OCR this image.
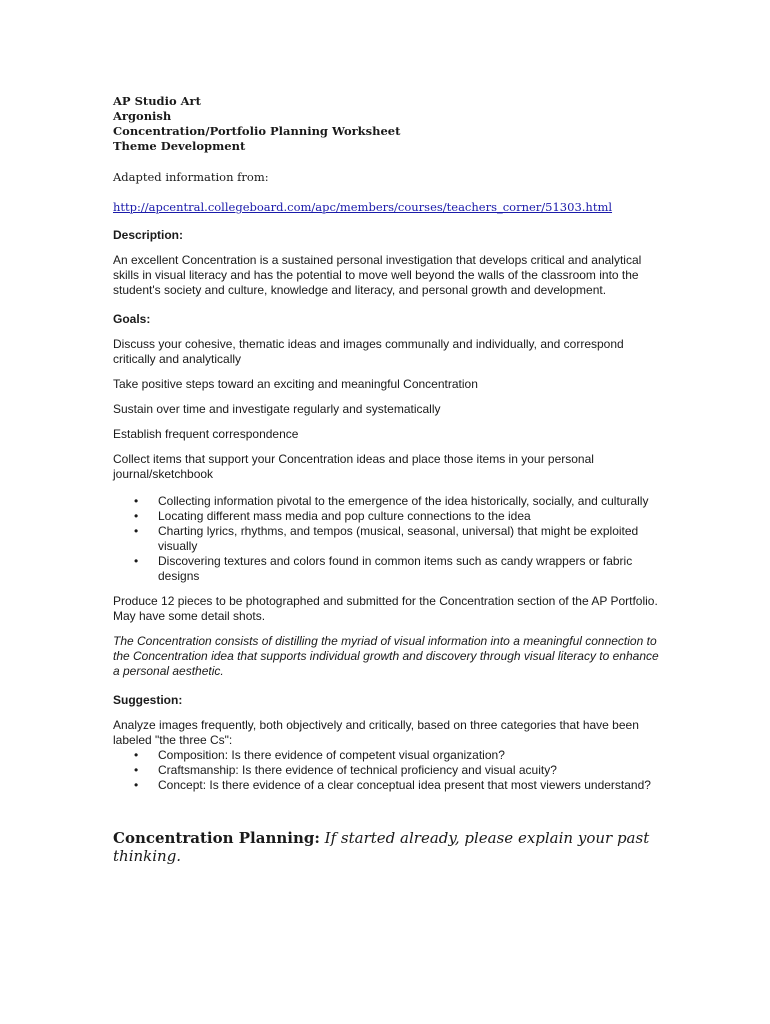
AP Studio Art
Argonish
Concentration/Portfolio Planning Worksheet
Theme Development
Adapted information from:
http://apcentral.collegeboard.com/apc/members/courses/teachers_corner/51303.html
Description:
An excellent Concentration is a sustained personal investigation that develops critical and analytical skills in visual literacy and has the potential to move well beyond the walls of the classroom into the student's society and culture, knowledge and literacy, and personal growth and development.
Goals:
Discuss your cohesive, thematic ideas and images communally and individually, and correspond critically and analytically
Take positive steps toward an exciting and meaningful Concentration
Sustain over time and investigate regularly and systematically
Establish frequent correspondence
Collect items that support your Concentration ideas and place those items in your personal journal/sketchbook
• Collecting information pivotal to the emergence of the idea historically, socially, and culturally
• Locating different mass media and pop culture connections to the idea
• Charting lyrics, rhythms, and tempos (musical, seasonal, universal) that might be exploited visually
• Discovering textures and colors found in common items such as candy wrappers or fabric designs
Produce 12 pieces to be photographed and submitted for the Concentration section of the AP Portfolio. May have some detail shots.
The Concentration consists of distilling the myriad of visual information into a meaningful connection to the Concentration idea that supports individual growth and discovery through visual literacy to enhance a personal aesthetic.
Suggestion:
Analyze images frequently, both objectively and critically, based on three categories that have been labeled "the three Cs":
• Composition: Is there evidence of competent visual organization?
• Craftsmanship: Is there evidence of technical proficiency and visual acuity?
• Concept: Is there evidence of a clear conceptual idea present that most viewers understand?
Concentration Planning: If started already, please explain your past thinking.
